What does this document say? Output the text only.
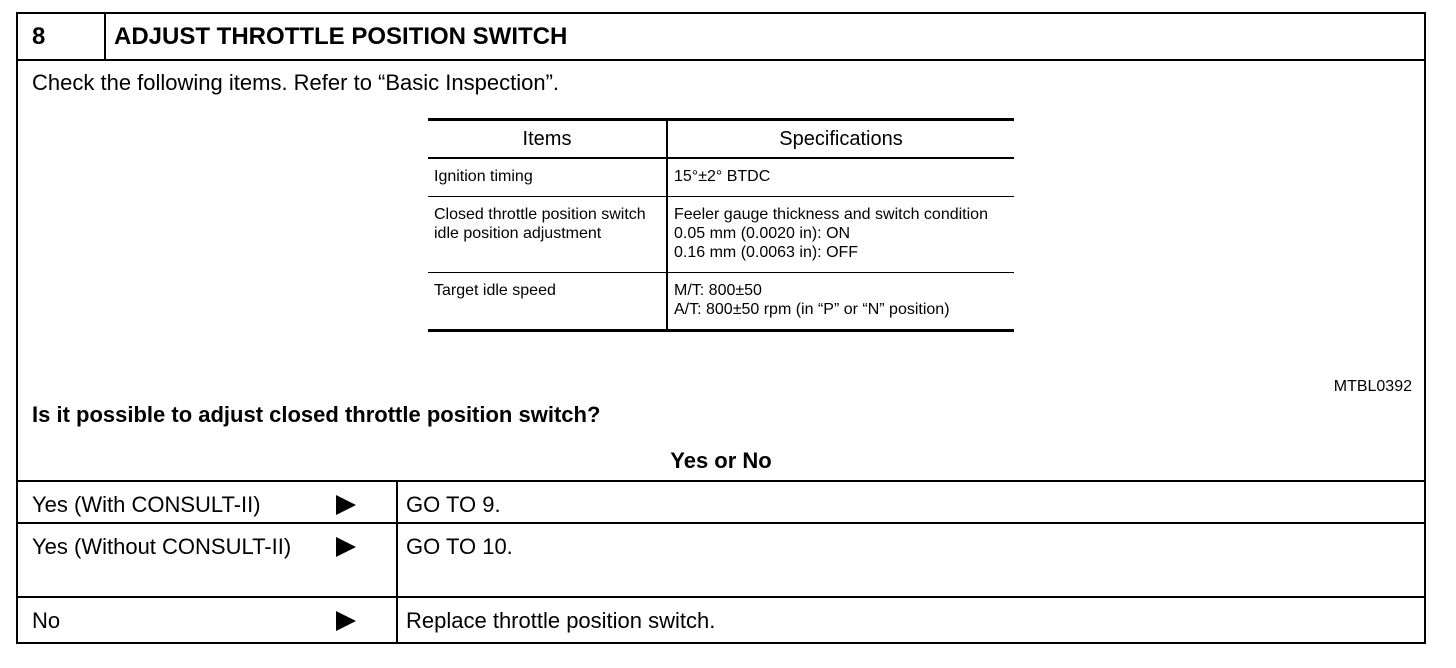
8	ADJUST THROTTLE POSITION SWITCH
Check the following items. Refer to “Basic Inspection”.
Items	Specifications
Ignition timing	15°±2° BTDC
Closed throttle position switch idle position adjustment	Feeler gauge thickness and switch condition
0.05 mm (0.0020 in): ON
0.16 mm (0.0063 in): OFF
Target idle speed	M/T: 800±50
A/T: 800±50 rpm (in “P” or “N” position)
MTBL0392
Is it possible to adjust closed throttle position switch?
Yes or No
Yes (With CONSULT-II)	GO TO 9.
Yes (Without CONSULT-II)	GO TO 10.
No	Replace throttle position switch.
